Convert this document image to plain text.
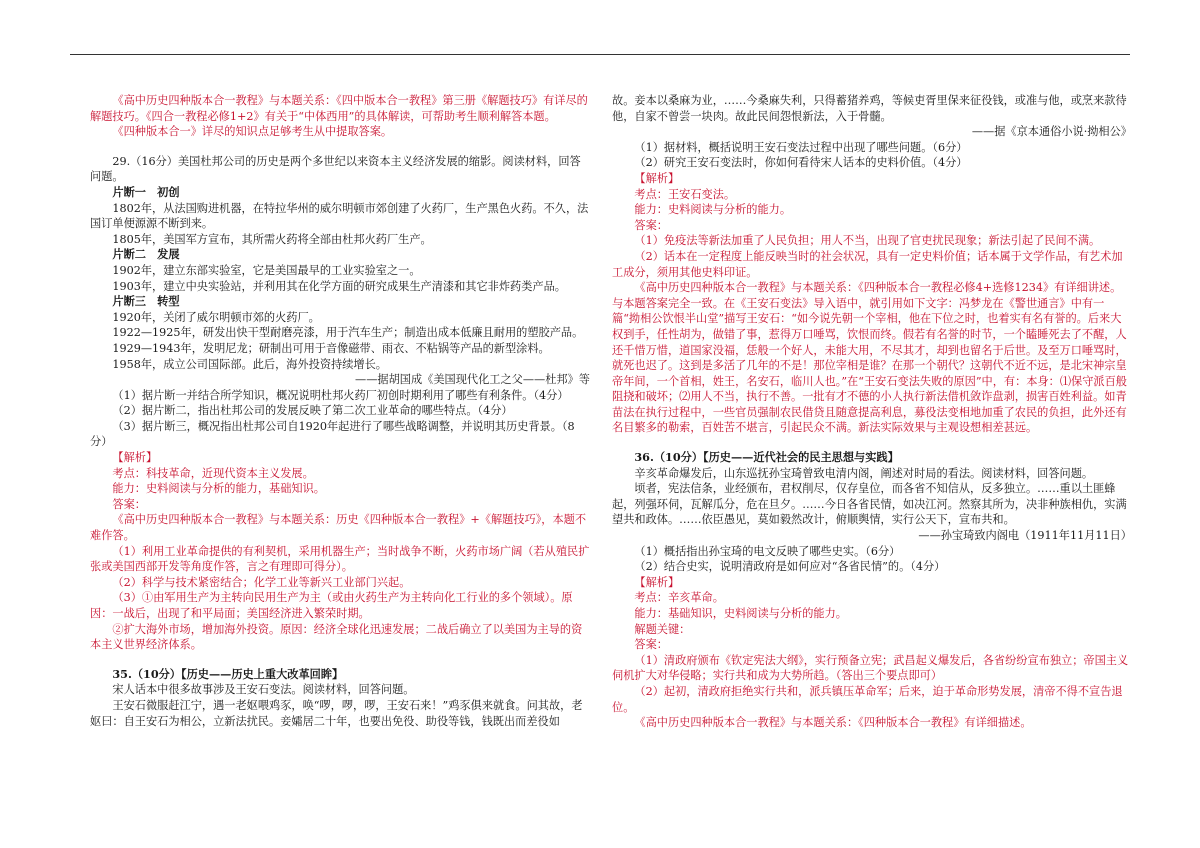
《高中历史四种版本合一教程》与本题关系：《四中版本合一教程》第三册《解题技巧》有详尽的解题技巧。《四合一教程必修1+2》有关于“中体西用”的具体解读，可帮助考生顺利解答本题。

《四种版本合一》详尽的知识点足够考生从中提取答案。

29.（16分）美国杜邦公司的历史是两个多世纪以来资本主义经济发展的缩影。阅读材料，回答问题。

片断一　初创

1802年，从法国购进机器，在特拉华州的威尔明顿市郊创建了火药厂，生产黑色火药。不久，法国订单便源源不断到来。

1805年，美国军方宣布，其所需火药将全部由杜邦火药厂生产。

片断二　发展

1902年，建立东部实验室，它是美国最早的工业实验室之一。

1903年，建立中央实验站，并利用其在化学方面的研究成果生产清漆和其它非炸药类产品。

片断三　转型

1920年，关闭了威尔明顿市郊的火药厂。

1922—1925年，研发出快干型耐磨亮漆，用于汽车生产；制造出成本低廉且耐用的塑胶产品。

1929—1943年，发明尼龙；研制出可用于音像磁带、雨衣、不粘锅等产品的新型涂料。

1958年，成立公司国际部。此后，海外投资持续增长。

——据胡国成《美国现代化工之父——杜邦》等

（1）据片断一并结合所学知识，概况说明杜邦火药厂初创时期利用了哪些有利条件。（4分）

（2）据片断二，指出杜邦公司的发展反映了第二次工业革命的哪些特点。（4分）

（3）据片断三，概况指出杜邦公司自1920年起进行了哪些战略调整，并说明其历史背景。（8分）

【解析】

考点：科技革命，近现代资本主义发展。

能力：史料阅读与分析的能力，基础知识。

答案：

《高中历史四种版本合一教程》与本题关系：历史《四种版本合一教程》+《解题技巧》，本题不难作答。

（1）利用工业革命提供的有利契机，采用机器生产；当时战争不断，火药市场广阔（若从殖民扩张或美国西部开发等角度作答，言之有理即可得分）。

（2）科学与技术紧密结合；化学工业等新兴工业部门兴起。

（3）①由军用生产为主转向民用生产为主（或由火药生产为主转向化工行业的多个领域）。原因：一战后，出现了和平局面；美国经济进入繁荣时期。

②扩大海外市场，增加海外投资。原因：经济全球化迅速发展；二战后确立了以美国为主导的资本主义世界经济体系。

35.（10分）【历史——历史上重大改革回眸】

宋人话本中很多故事涉及王安石变法。阅读材料，回答问题。

王安石微服赶江宁，遇一老妪喂鸡豕，唤“啰，啰，啰，王安石来！”鸡豕俱来就食。问其故，老妪曰：自王安石为相公，立新法扰民。妾孀居二十年，也要出免役、助役等钱，钱既出而差役如

故。妾本以桑麻为业，……今桑麻失利，只得蓄猪养鸡，等候吏胥里保来征役钱，或准与他，或烹来款待他，自家不曾尝一块肉。故此民间怨恨新法，入于骨髓。

——据《京本通俗小说·拗相公》

（1）据材料，概括说明王安石变法过程中出现了哪些问题。（6分）

（2）研究王安石变法时，你如何看待宋人话本的史料价值。（4分）

【解析】

考点：王安石变法。

能力：史料阅读与分析的能力。

答案：

（1）免疫法等新法加重了人民负担；用人不当，出现了官吏扰民现象；新法引起了民间不满。

（2）话本在一定程度上能反映当时的社会状况，具有一定史料价值；话本属于文学作品，有艺术加工成分，须用其他史料印证。

《高中历史四种版本合一教程》与本题关系：《四种版本合一教程必修4+选修1234》有详细讲述。与本题答案完全一致。在《王安石变法》导入语中，就引用如下文字：冯梦龙在《警世通言》中有一篇“拗相公饮恨半山堂”描写王安石：“如今说先朝一个宰相，他在下位之时，也着实有名有誉的。后来大权到手，任性胡为，做错了事，惹得万口唾骂，饮恨而终。假若有名誉的时节，一个瞌睡死去了不醒，人还千惜万惜，道国家没福，恁般一个好人，未能大用，不尽其才，却到也留名于后世。及至万口唾骂时，就死也迟了。这到是多活了几年的不是！那位宰相是谁？在那一个朝代？这朝代不近不远，是北宋神宗皇帝年间，一个首相，姓王，名安石，临川人也。”在“王安石变法失败的原因”中，有：本身：⑴保守派百般阻挠和破坏；⑵用人不当，执行不善。一批有才不德的小人执行新法借机敛诈盘剥，损害百姓利益。如青苗法在执行过程中，一些官员强制农民借贷且随意提高利息，募役法变相地加重了农民的负担，此外还有名目繁多的勒索，百姓苦不堪言，引起民众不满。新法实际效果与主观设想相差甚远。

36.（10分）【历史——近代社会的民主思想与实践】

辛亥革命爆发后，山东巡抚孙宝琦曾致电清内阁，阐述对时局的看法。阅读材料，回答问题。

顷者，宪法信条，业经颁布，君权削尽，仅存皇位，而各省不知信从，反多独立。……重以土匪蜂起，列强环伺，瓦解瓜分，危在旦夕。……今日各省民情，如决江河。然察其所为，决非种族相仇，实满望共和政体。……依臣愚见，莫如毅然改计，俯顺舆情，实行公天下，宣布共和。

——孙宝琦致内阁电（1911年11月11日）

（1）概括指出孙宝琦的电文反映了哪些史实。（6分）

（2）结合史实，说明清政府是如何应对“各省民情”的。（4分）

【解析】

考点：辛亥革命。

能力：基础知识，史料阅读与分析的能力。

解题关键：

答案：

（1）清政府颁布《钦定宪法大纲》，实行预备立宪；武昌起义爆发后，各省纷纷宣布独立；帝国主义伺机扩大对华侵略；实行共和成为大势所趋。（答出三个要点即可）

（2）起初，清政府拒绝实行共和，派兵镇压革命军；后来，迫于革命形势发展，清帝不得不宣告退位。

《高中历史四种版本合一教程》与本题关系：《四种版本合一教程》有详细描述。
